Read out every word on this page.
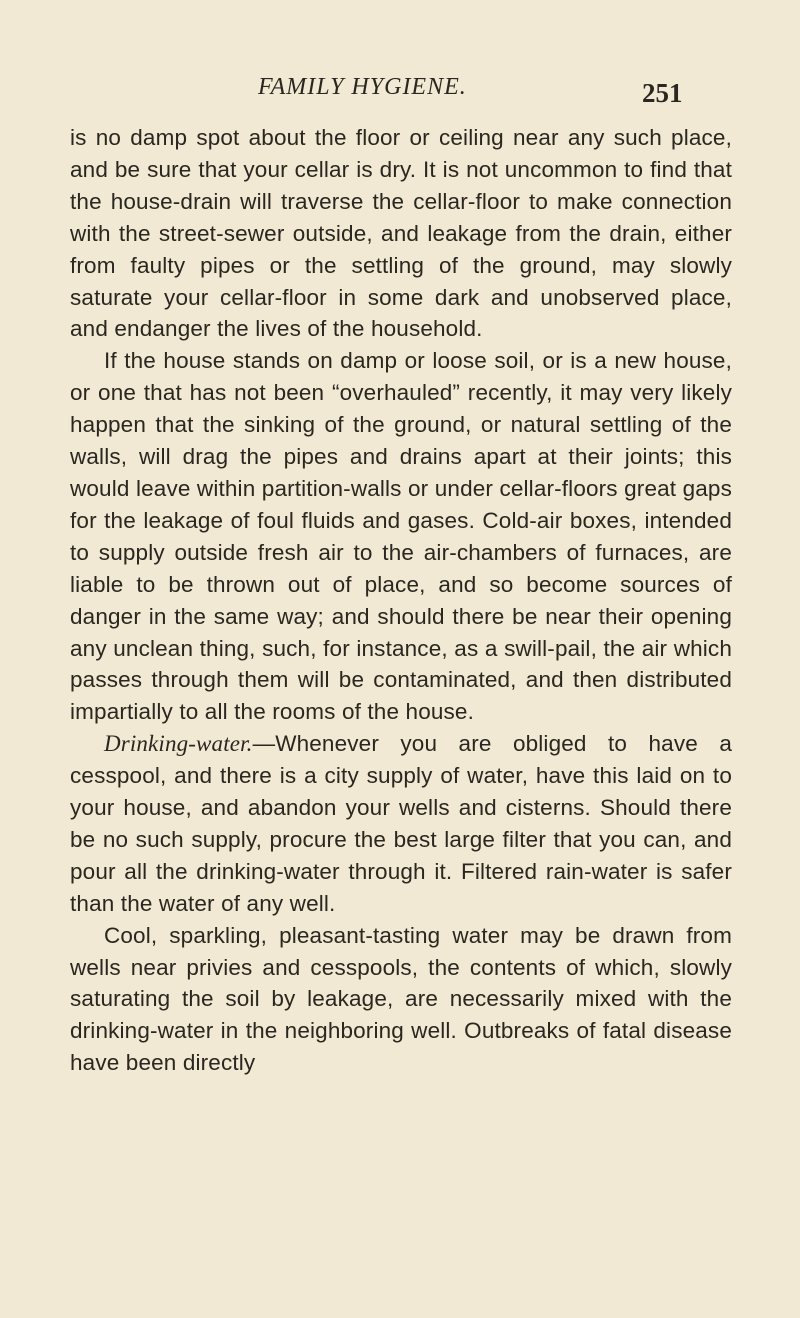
FAMILY HYGIENE.	251

is no damp spot about the floor or ceiling near any such place, and be sure that your cellar is dry. It is not uncommon to find that the house-drain will traverse the cellar-floor to make connection with the street-sewer outside, and leakage from the drain, either from faulty pipes or the settling of the ground, may slowly saturate your cellar-floor in some dark and unobserved place, and endanger the lives of the household.

If the house stands on damp or loose soil, or is a new house, or one that has not been “overhauled” recently, it may very likely happen that the sinking of the ground, or natural settling of the walls, will drag the pipes and drains apart at their joints; this would leave within partition-walls or under cellar-floors great gaps for the leakage of foul fluids and gases. Cold-air boxes, intended to supply outside fresh air to the air-chambers of furnaces, are liable to be thrown out of place, and so become sources of danger in the same way; and should there be near their opening any unclean thing, such, for instance, as a swill-pail, the air which passes through them will be contaminated, and then distributed impartially to all the rooms of the house.

Drinking-water.—Whenever you are obliged to have a cesspool, and there is a city supply of water, have this laid on to your house, and abandon your wells and cisterns. Should there be no such supply, procure the best large filter that you can, and pour all the drinking-water through it. Filtered rain-water is safer than the water of any well.

Cool, sparkling, pleasant-tasting water may be drawn from wells near privies and cesspools, the contents of which, slowly saturating the soil by leakage, are necessarily mixed with the drinking-water in the neighboring well. Outbreaks of fatal disease have been directly
